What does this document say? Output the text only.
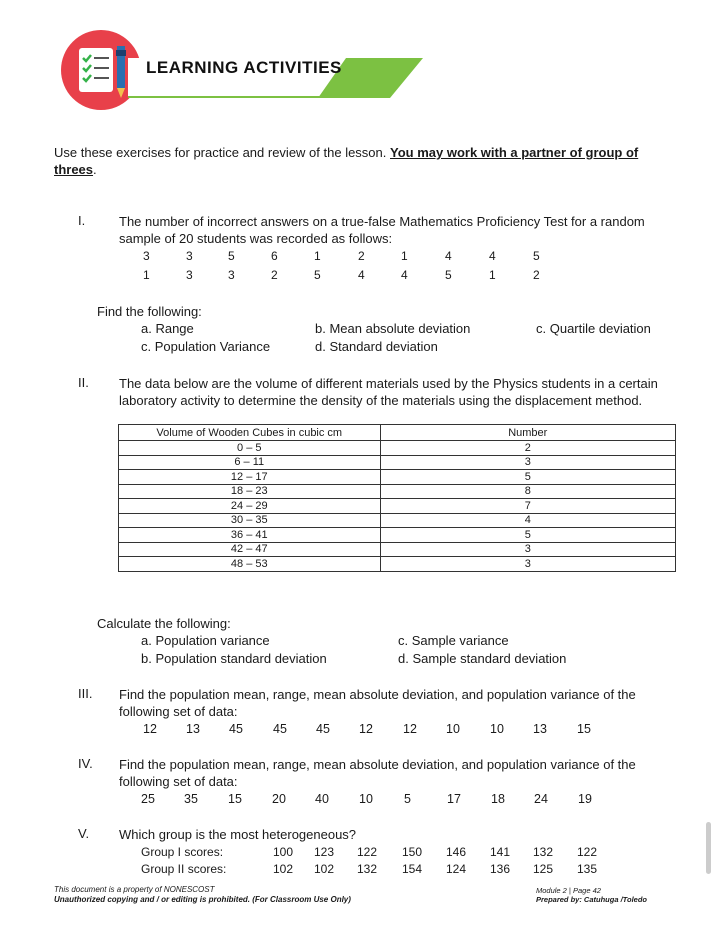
LEARNING ACTIVITIES
Use these exercises for practice and review of the lesson. You may work with a partner of group of threes.
I.	The number of incorrect answers on a true-false Mathematics Proficiency Test for a random sample of 20 students was recorded as follows:
3	3	5	6	1	2	1	4	4	5
1	3	3	2	5	4	4	5	1	2
Find the following:
a. Range	b. Mean absolute deviation	c. Quartile deviation
c. Population Variance	d. Standard deviation
II. The data below are the volume of different materials used by the Physics students in a certain laboratory activity to determine the density of the materials using the displacement method.
Volume of Wooden Cubes in cubic cm	Number
0 – 5	2
6 – 11	3
12 – 17	5
18 – 23	8
24 – 29	7
30 – 35	4
36 – 41	5
42 – 47	3
48 – 53	3
Calculate the following:
a. Population variance	c. Sample variance
b. Population standard deviation	d. Sample standard deviation
III. Find the population mean, range, mean absolute deviation, and population variance of the following set of data:
12 13 45 45 45 12 12 10 10 13 15
IV. Find the population mean, range, mean absolute deviation, and population variance of the following set of data:
25 35 15 20 40 10 5	17 18 24 19
V. Which group is the most heterogeneous?
Group I scores:	100 123 122 150 146 141 132 122
Group II scores:	102 102 132 154 124 136 125 135
This document is a property of NONESCOST
Unauthorized copying and / or editing is prohibited. (For Classroom Use Only)
Module 2 | Page 42
Prepared by: Catuhuga /Toledo
